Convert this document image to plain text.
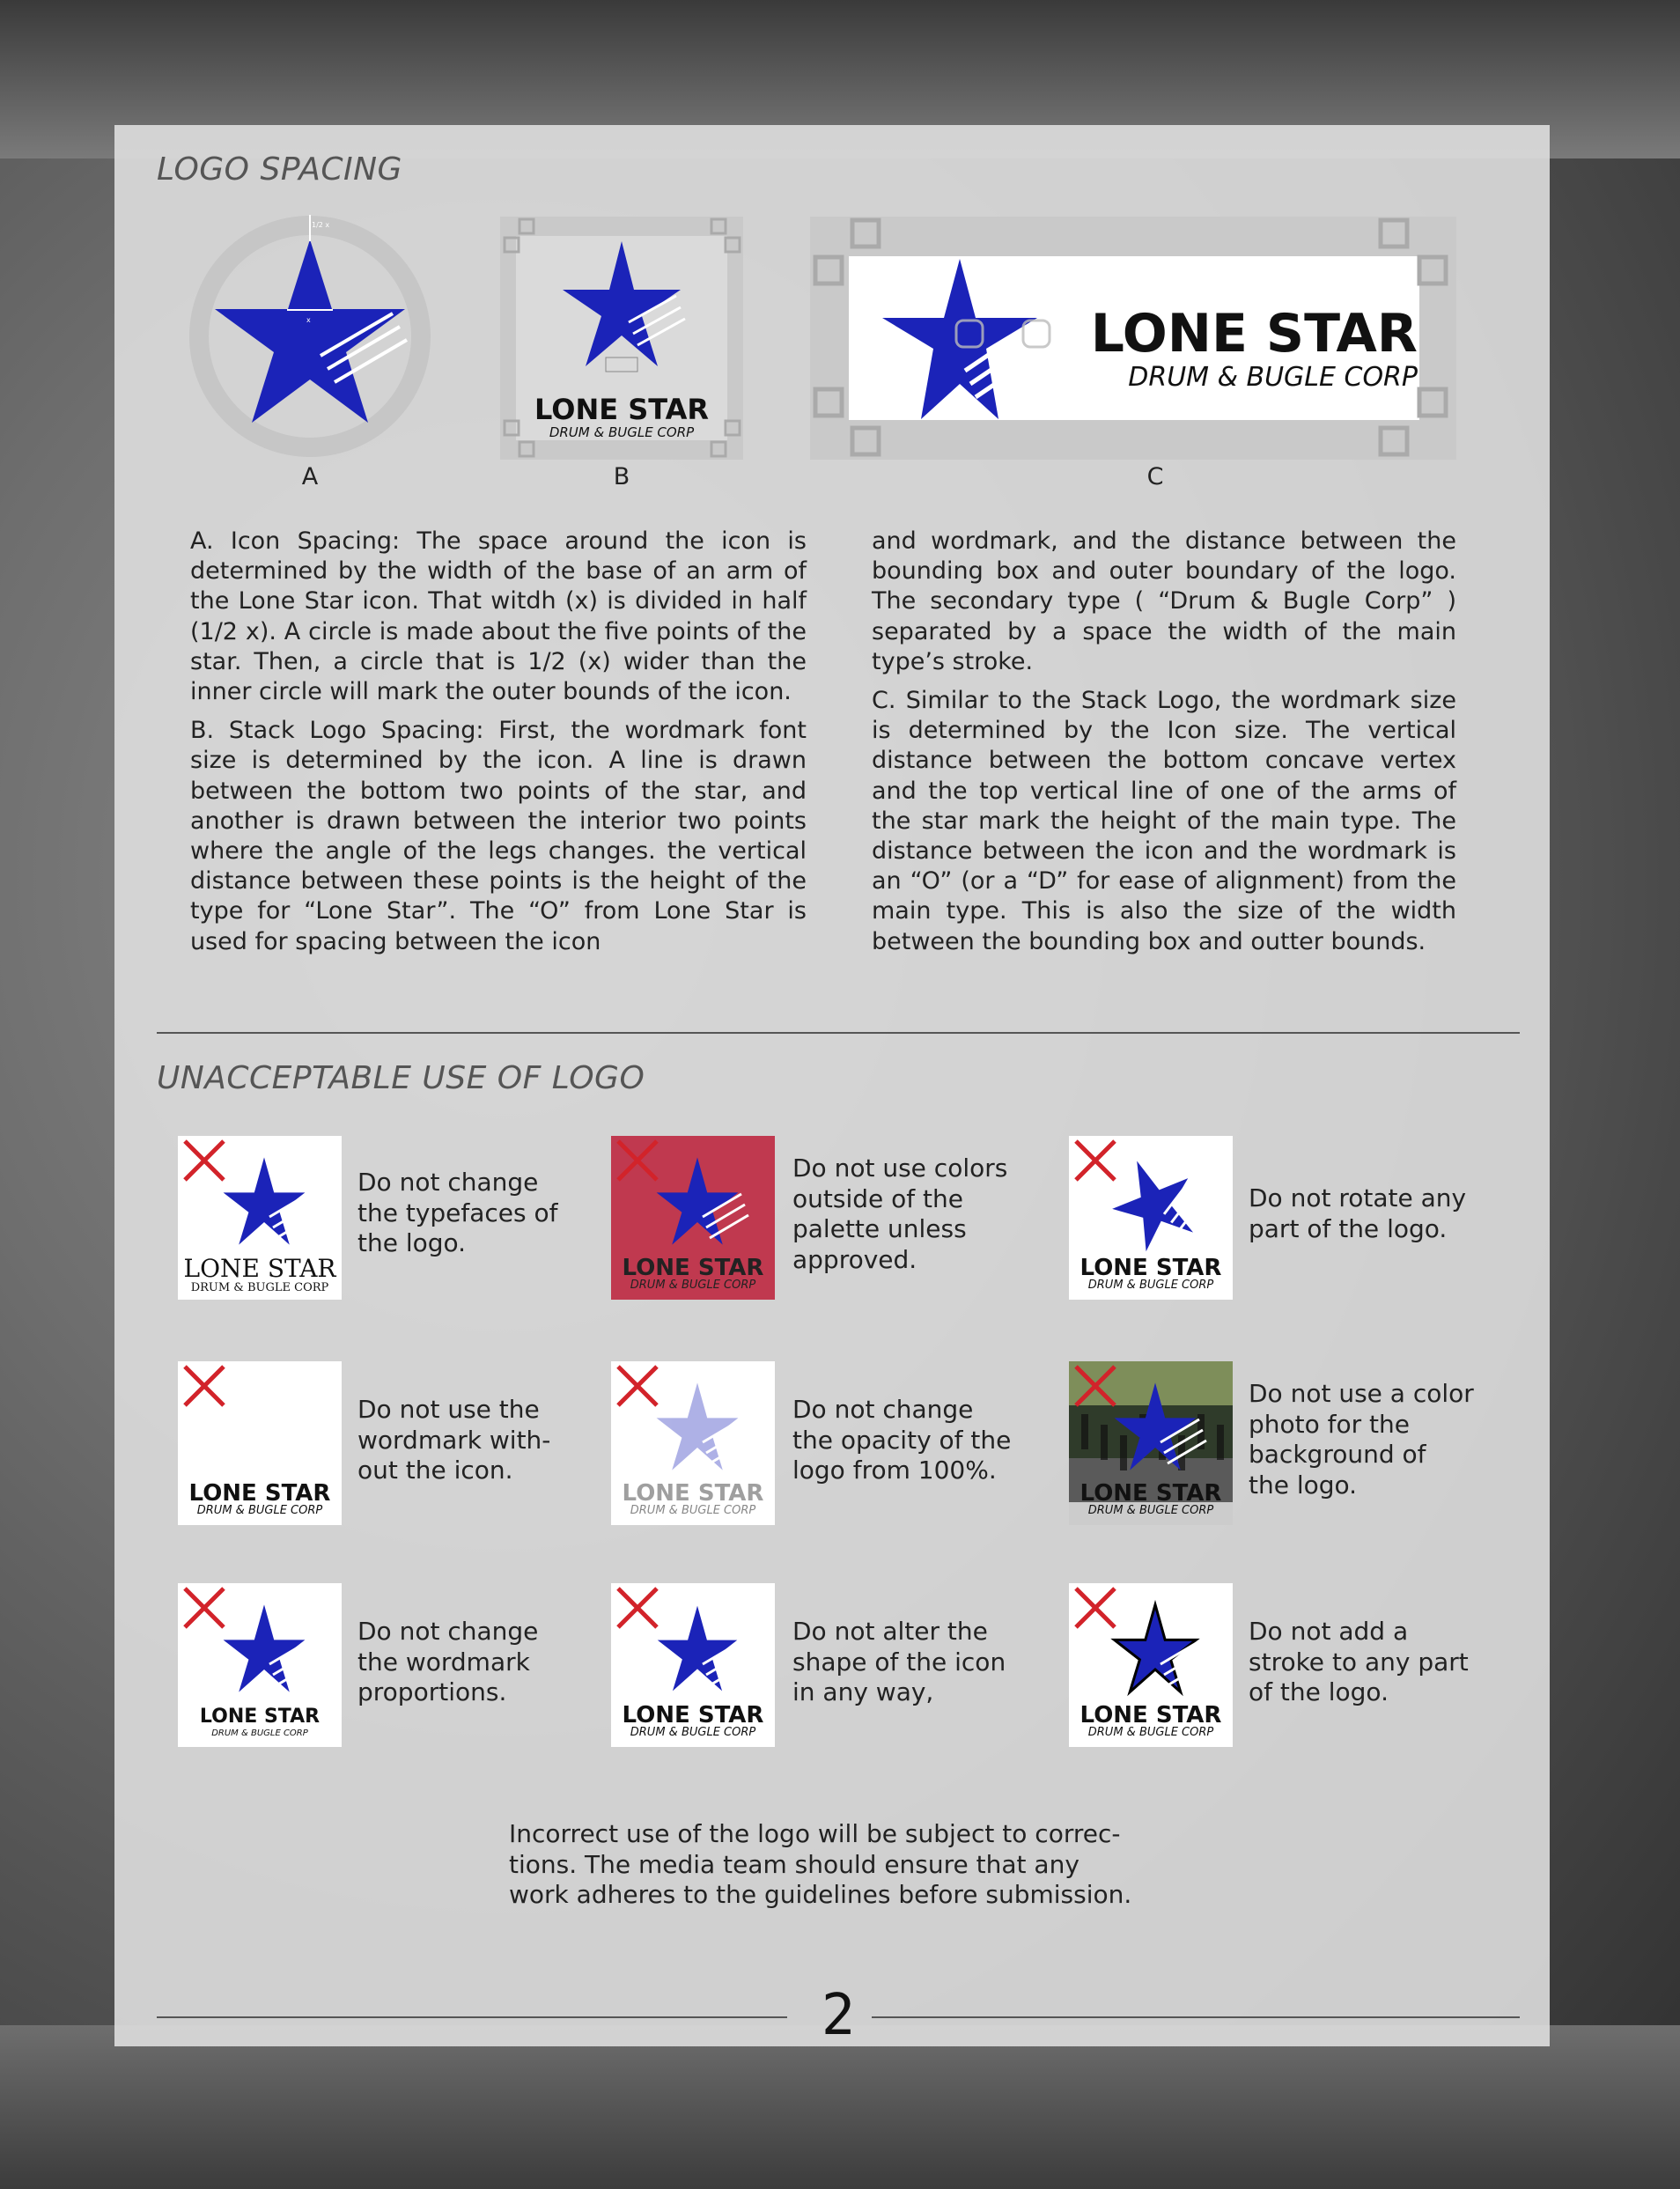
LOGO SPACING
1/2 x
x
A
LONE STAR
DRUM & BUGLE CORP
B
LONE STAR
DRUM & BUGLE CORP
C

A. Icon Spacing: The space around the icon is determined by the width of the base of an arm of the Lone Star icon. That witdh (x) is divided in half (1/2 x). A circle is made about the five points of the star. Then, a circle that is 1/2 (x) wider than the inner circle will mark the outer bounds of the icon.

B. Stack Logo Spacing: First, the wordmark font size is determined by the icon. A line is drawn between the bottom two points of the star, and another is drawn between the interior two points where the angle of the legs changes. the vertical distance between these points is the height of the type for “Lone Star”. The “O” from Lone Star is used for spacing between the icon

and wordmark, and the distance between the bounding box and outer boundary of the logo. The secondary type ( “Drum & Bugle Corp” ) separated by a space the width of the main type’s stroke.

C. Similar to the Stack Logo, the wordmark size is determined by the Icon size. The vertical distance between the bottom concave vertex and the top vertical line of one of the arms of the star mark the height of the main type. The distance between the icon and the wordmark is an “O” (or a “D” for ease of alignment) from the main type. This is also the size of the width between the bounding box and outter bounds.

UNACCEPTABLE USE OF LOGO
LONE STAR
DRUM & BUGLE CORP
Do not change
the typefaces of
the logo.
LONE STAR
DRUM & BUGLE CORP
Do not use colors
outside of the
palette unless
approved.	LONE STAR
DRUM & BUGLE CORP
Do not rotate any
part of the logo.
LONE STAR
DRUM & BUGLE CORP
Do not use the
wordmark with-
out the icon.
LONE STAR
DRUM & BUGLE CORP
Do not change
the opacity of the
logo from 100%.
LONE STAR
DRUM & BUGLE CORP
Do not use a color
photo for the
background of
the logo.
LONE STAR
DRUM & BUGLE CORP
Do not change
the wordmark
proportions.
LONE STAR
DRUM & BUGLE CORP
Do not alter the
shape of the icon
in any way,
LONE STAR
DRUM & BUGLE CORP
Do not add a
stroke to any part
of the logo.
Incorrect use of the logo will be subject to correc-
tions. The media team should ensure that any
work adheres to the guidelines before submission.
2
